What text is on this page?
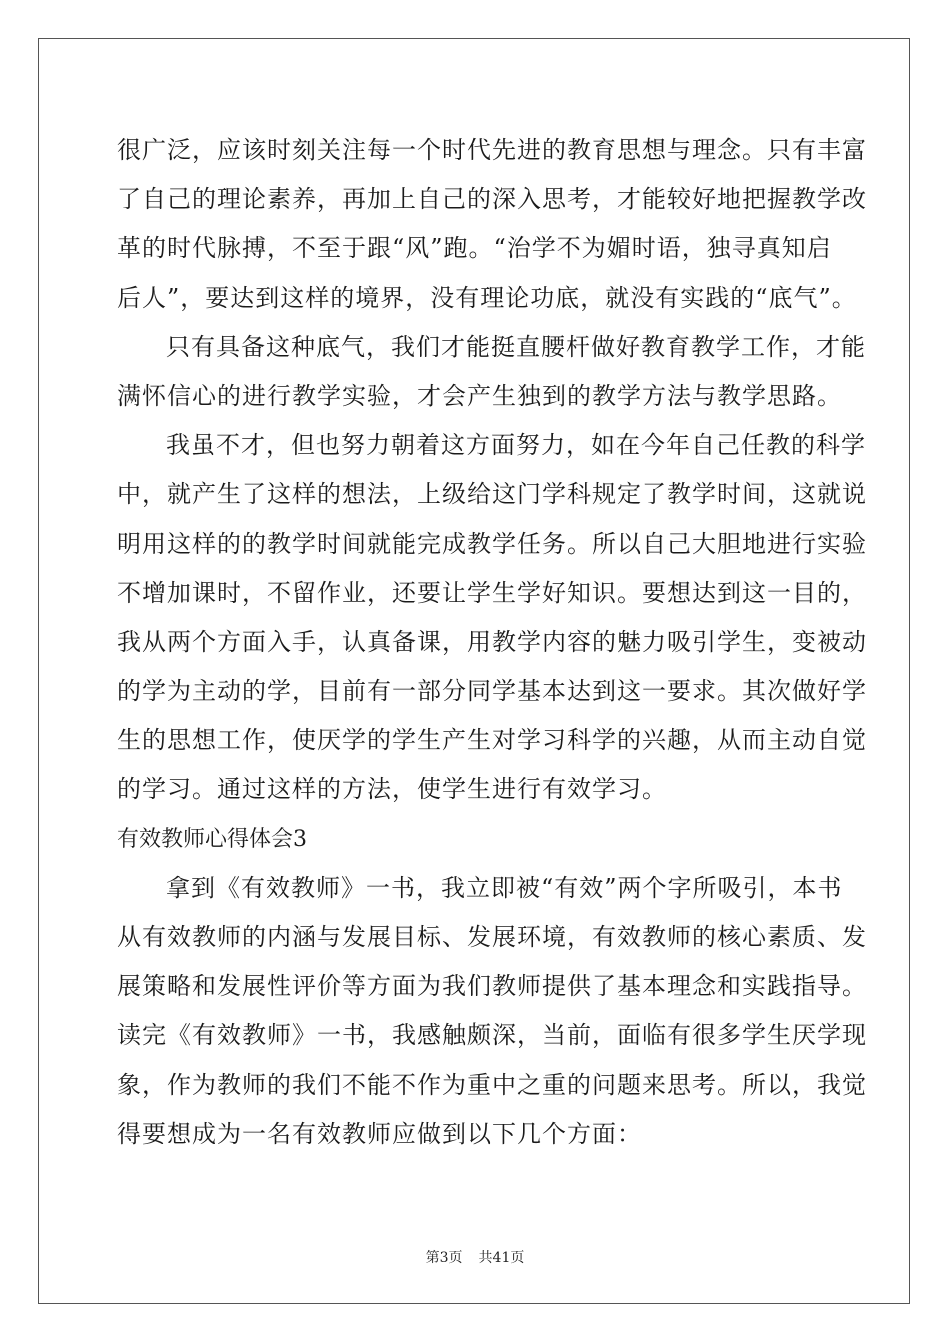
很广泛，应该时刻关注每一个时代先进的教育思想与理念。只有丰富
了自己的理论素养，再加上自己的深入思考，才能较好地把握教学改
革的时代脉搏，不至于跟“风”跑。“治学不为媚时语，独寻真知启
后人”，要达到这样的境界，没有理论功底，就没有实践的“底气”。
只有具备这种底气，我们才能挺直腰杆做好教育教学工作，才能
满怀信心的进行教学实验，才会产生独到的教学方法与教学思路。
我虽不才，但也努力朝着这方面努力，如在今年自己任教的科学
中，就产生了这样的想法，上级给这门学科规定了教学时间，这就说
明用这样的的教学时间就能完成教学任务。所以自己大胆地进行实验
不增加课时，不留作业，还要让学生学好知识。要想达到这一目的，
我从两个方面入手，认真备课，用教学内容的魅力吸引学生，变被动
的学为主动的学，目前有一部分同学基本达到这一要求。其次做好学
生的思想工作，使厌学的学生产生对学习科学的兴趣，从而主动自觉
的学习。通过这样的方法，使学生进行有效学习。
有效教师心得体会3
拿到《有效教师》一书，我立即被“有效”两个字所吸引，本书
从有效教师的内涵与发展目标、发展环境，有效教师的核心素质、发
展策略和发展性评价等方面为我们教师提供了基本理念和实践指导。
读完《有效教师》一书，我感触颇深，当前，面临有很多学生厌学现
象，作为教师的我们不能不作为重中之重的问题来思考。所以，我觉
得要想成为一名有效教师应做到以下几个方面：
第3页 共41页
